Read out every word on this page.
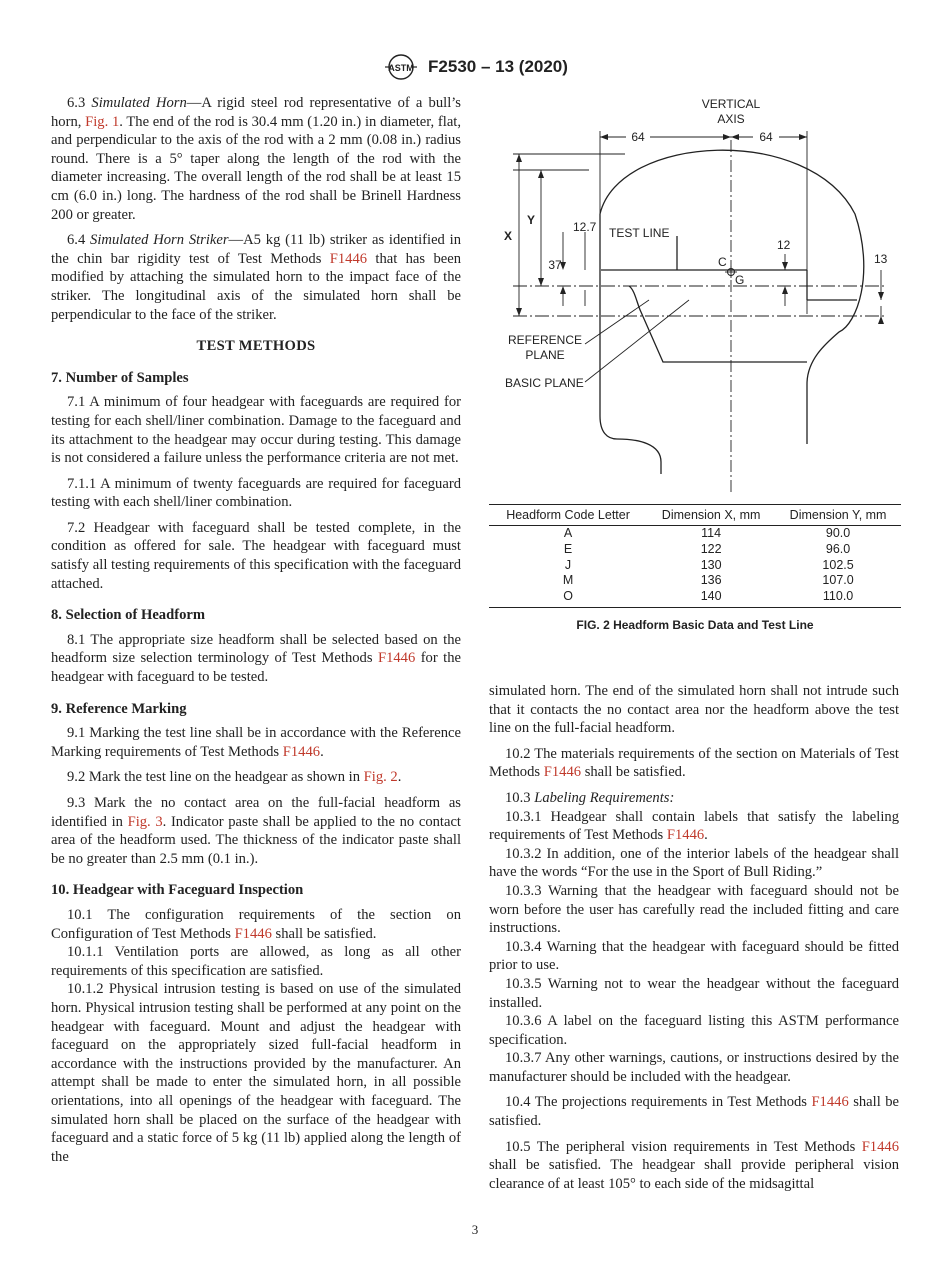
ASTM F2530 – 13 (2020)

6.3 Simulated Horn—A rigid steel rod representative of a bull’s horn, Fig. 1. The end of the rod is 30.4 mm (1.20 in.) in diameter, flat, and perpendicular to the axis of the rod with a 2 mm (0.08 in.) radius round. There is a 5° taper along the length of the rod with the diameter increasing. The overall length of the rod shall be at least 15 cm (6.0 in.) long. The hardness of the rod shall be Brinell Hardness 200 or greater.

6.4 Simulated Horn Striker—A5 kg (11 lb) striker as identified in the chin bar rigidity test of Test Methods F1446 that has been modified by attaching the simulated horn to the impact face of the striker. The longitudinal axis of the simulated horn shall be perpendicular to the face of the striker.

TEST METHODS
7. Number of Samples

7.1 A minimum of four headgear with faceguards are required for testing for each shell/liner combination. Damage to the faceguard and its attachment to the headgear may occur during testing. This damage is not considered a failure unless the performance criteria are not met.

7.1.1 A minimum of twenty faceguards are required for faceguard testing with each shell/liner combination.

7.2 Headgear with faceguard shall be tested complete, in the condition as offered for sale. The headgear with faceguard must satisfy all testing requirements of this specification with the faceguard attached.

8. Selection of Headform

8.1 The appropriate size headform shall be selected based on the headform size selection terminology of Test Methods F1446 for the headgear with faceguard to be tested.

9. Reference Marking

9.1 Marking the test line shall be in accordance with the Reference Marking requirements of Test Methods F1446.

9.2 Mark the test line on the headgear as shown in Fig. 2.

9.3 Mark the no contact area on the full-facial headform as identified in Fig. 3. Indicator paste shall be applied to the no contact area of the headform used. The thickness of the indicator paste shall be no greater than 2.5 mm (0.1 in.).

10. Headgear with Faceguard Inspection

10.1 The configuration requirements of the section on Configuration of Test Methods F1446 shall be satisfied.

10.1.1 Ventilation ports are allowed, as long as all other requirements of this specification are satisfied.

10.1.2 Physical intrusion testing is based on use of the simulated horn. Physical intrusion testing shall be performed at any point on the headgear with faceguard. Mount and adjust the headgear with faceguard on the appropriately sized full-facial headform in accordance with the instructions provided by the manufacturer. An attempt shall be made to enter the simulated horn, in all possible orientations, into all openings of the headgear with faceguard. The simulated horn shall be placed on the surface of the headgear with faceguard and a static force of 5 kg (11 lb) applied along the length of the

VERTICAL
AXIS
64	64
Y
X
12.7 TEST LINE
12
37	C
G
13
REFERENCE
PLANE
BASIC PLANE
Headform Code Letter	Dimension X, mm	Dimension Y, mm
A	114	90.0
E	122	96.0
J	130	102.5
M	136	107.0
O	140	110.0
FIG. 2 Headform Basic Data and Test Line

simulated horn. The end of the simulated horn shall not intrude such that it contacts the no contact area nor the headform above the test line on the full-facial headform.

10.2 The materials requirements of the section on Materials of Test Methods F1446 shall be satisfied.

10.3 Labeling Requirements:

10.3.1 Headgear shall contain labels that satisfy the labeling requirements of Test Methods F1446.

10.3.2 In addition, one of the interior labels of the headgear shall have the words “For the use in the Sport of Bull Riding.”

10.3.3 Warning that the headgear with faceguard should not be worn before the user has carefully read the included fitting and care instructions.

10.3.4 Warning that the headgear with faceguard should be fitted prior to use.

10.3.5 Warning not to wear the headgear without the faceguard installed.

10.3.6 A label on the faceguard listing this ASTM performance specification.

10.3.7 Any other warnings, cautions, or instructions desired by the manufacturer should be included with the headgear.

10.4 The projections requirements in Test Methods F1446 shall be satisfied.

10.5 The peripheral vision requirements in Test Methods F1446 shall be satisfied. The headgear shall provide peripheral vision clearance of at least 105° to each side of the midsagittal

3
